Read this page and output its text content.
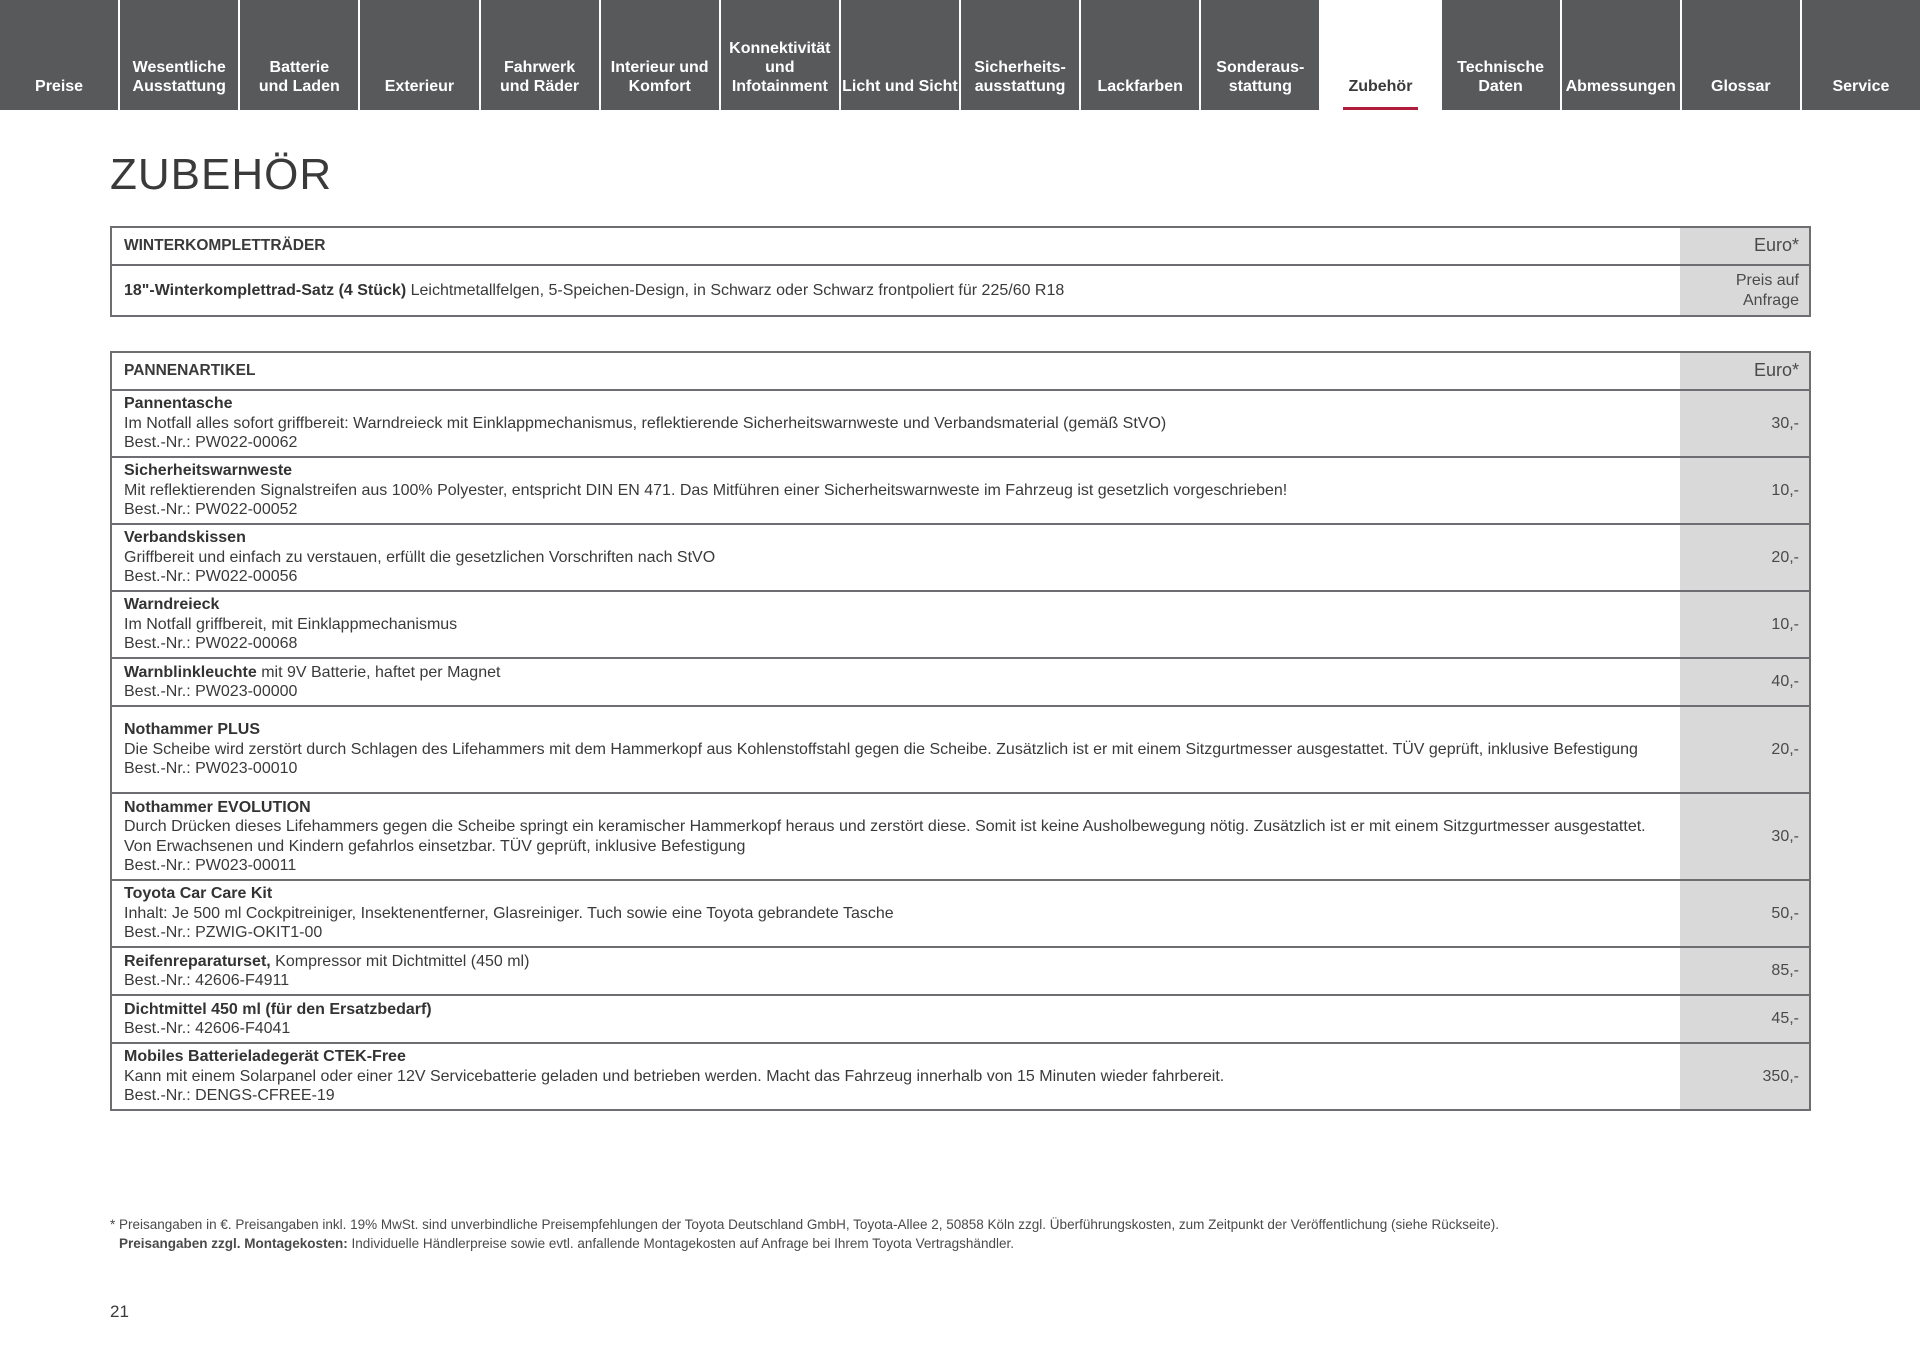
Preise
Wesentliche
Ausstattung
Batterie
und Laden	Exterieur
Fahrwerk
und Räder
Interieur und
Komfort
Konnektivität
und
Infotainment Licht und Sicht
Sicherheits-
ausstattung Lackfarben
Sonderaus-
stattung	Zubehör
Technische
Daten	Abmessungen Glossar	Service
ZUBEHÖR
WINTERKOMPLETTRÄDER	Euro*
18"-Winterkomplettrad-Satz (4 Stück) Leichtmetallfelgen, 5-Speichen-Design, in Schwarz oder Schwarz frontpoliert für 225/60 R18	Preis auf
Anfrage
PANNENARTIKEL	Euro*

Pannentasche
Im Notfall alles sofort griffbereit: Warndreieck mit Einklappmechanismus, reflektierende Sicherheitswarnweste und Verbandsmaterial (gemäß StVO)
Best.-Nr.: PW022-00062	30,-

Sicherheitswarnweste
Mit reflektierenden Signalstreifen aus 100% Polyester, entspricht DIN EN 471. Das Mitführen einer Sicherheitswarnweste im Fahrzeug ist gesetzlich vorgeschrieben!
Best.-Nr.: PW022-00052	10,-

Verbandskissen
Griffbereit und einfach zu verstauen, erfüllt die gesetzlichen Vorschriften nach StVO
Best.-Nr.: PW022-00056	20,-

Warndreieck
Im Notfall griffbereit, mit Einklappmechanismus
Best.-Nr.: PW022-00068	10,-

Warnblinkleuchte mit 9V Batterie, haftet per Magnet
Best.-Nr.: PW023-00000	40,-

Nothammer PLUS
Die Scheibe wird zerstört durch Schlagen des Lifehammers mit dem Hammerkopf aus Kohlenstoffstahl gegen die Scheibe. Zusätzlich ist er mit einem Sitzgurtmesser ausgestattet. TÜV geprüft, inklusive Befestigung
Best.-Nr.: PW023-00010	20,-

Nothammer EVOLUTION
Durch Drücken dieses Lifehammers gegen die Scheibe springt ein keramischer Hammerkopf heraus und zerstört diese. Somit ist keine Ausholbewegung nötig. Zusätzlich ist er mit einem Sitzgurtmesser ausgestattet. Von Erwachsenen und Kindern gefahrlos einsetzbar. TÜV geprüft, inklusive Befestigung
Best.-Nr.: PW023-00011	30,-

Toyota Car Care Kit
Inhalt: Je 500 ml Cockpitreiniger, Insektenentferner, Glasreiniger. Tuch sowie eine Toyota gebrandete Tasche
Best.-Nr.: PZWIG-OKIT1-00	50,-

Reifenreparaturset, Kompressor mit Dichtmittel (450 ml)
Best.-Nr.: 42606-F4911	85,-

Dichtmittel 450 ml (für den Ersatzbedarf)
Best.-Nr.: 42606-F4041	45,-

Mobiles Batterieladegerät CTEK-Free
Kann mit einem Solarpanel oder einer 12V Servicebatterie geladen und betrieben werden. Macht das Fahrzeug innerhalb von 15 Minuten wieder fahrbereit.
Best.-Nr.: DENGS-CFREE-19	350,-
* Preisangaben in €. Preisangaben inkl. 19% MwSt. sind unverbindliche Preisempfehlungen der Toyota Deutschland GmbH, Toyota-Allee 2, 50858 Köln zzgl. Überführungskosten, zum Zeitpunkt der Veröffentlichung (siehe Rückseite).
Preisangaben zzgl. Montagekosten: Individuelle Händlerpreise sowie evtl. anfallende Montagekosten auf Anfrage bei Ihrem Toyota Vertragshändler.
21
